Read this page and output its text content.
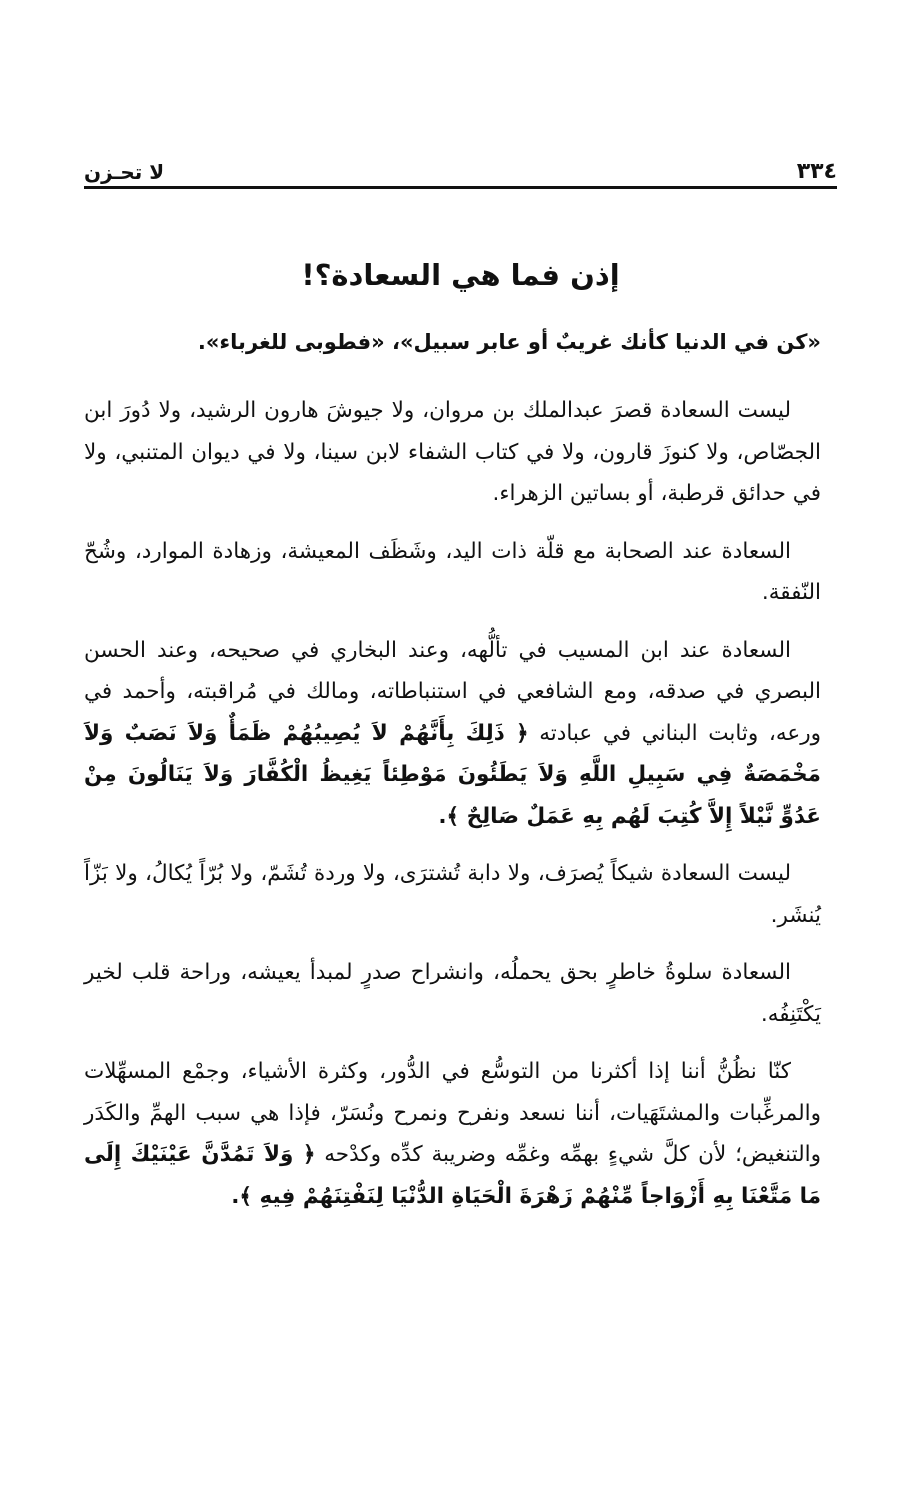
٣٣٤
لا تحـزن
إذن فما هي السعادة؟!
«كن في الدنيا كأنك غريبٌ أو عابر سبيل»، «فطوبى للغرباء».

ليست السعادة قصرَ عبدالملك بن مروان، ولا جيوشَ هارون الرشيد، ولا دُورَ ابن الجصّاص، ولا كنوزَ قارون، ولا في كتاب الشفاء لابن سينا، ولا في ديوان المتنبي، ولا في حدائق قرطبة، أو بساتين الزهراء.

السعادة عند الصحابة مع قلّة ذات اليد، وشَظَف المعيشة، وزهادة الموارد، وشُحّ النّفقة.

السعادة عند ابن المسيب في تألُّهه، وعند البخاري في صحيحه، وعند الحسن البصري في صدقه، ومع الشافعي في استنباطاته، ومالك في مُراقبته، وأحمد في ورعه، وثابت البناني في عبادته ﴿ ذَلِكَ بِأَنَّهُمْ لاَ يُصِيبُهُمْ ظَمَأٌ وَلاَ نَصَبٌ وَلاَ مَخْمَصَةٌ فِي سَبِيلِ اللَّهِ وَلاَ يَطَئُونَ مَوْطِئاً يَغِيظُ الْكُفَّارَ وَلاَ يَنَالُونَ مِنْ عَدُوٍّ نَّيْلاً إِلاَّ كُتِبَ لَهُم بِهِ عَمَلٌ صَالِحٌ ﴾.

ليست السعادة شيكاً يُصرَف، ولا دابة تُشترَى، ولا وردة تُشَمّ، ولا بُرّاً يُكالُ، ولا بَزّاً يُنشَر.

السعادة سلوةُ خاطرٍ بحق يحملُه، وانشراح صدرٍ لمبدأ يعيشه، وراحة قلب لخير يَكْتَنِفُه.

كنّا نظُنُّ أننا إذا أكثرنا من التوسُّع في الدُّور، وكثرة الأشياء، وجمْع المسهِّلات والمرغِّبات والمشتَهَيات، أننا نسعد ونفرح ونمرح ونُسَرّ، فإذا هي سبب الهمِّ والكَدَر والتنغيض؛ لأن كلَّ شيءٍ بهمِّه وغمِّه وضريبة كدِّه وكدْحه ﴿ وَلاَ تَمُدَّنَّ عَيْنَيْكَ إِلَى مَا مَتَّعْنَا بِهِ أَزْوَاجاً مِّنْهُمْ زَهْرَةَ الْحَيَاةِ الدُّنْيَا لِنَفْتِنَهُمْ فِيهِ ﴾.
